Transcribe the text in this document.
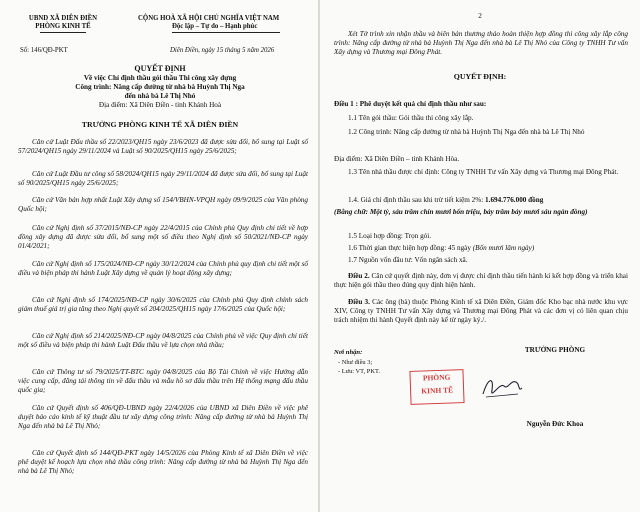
UBND XÃ DIÊN ĐIỀN
PHÒNG KINH TẾ
Số: 146/QĐ-PKT
CỘNG HOÀ XÃ HỘI CHỦ NGHĨA VIỆT NAM
Độc lập – Tự do – Hạnh phúc
Diên Điền, ngày 15 tháng 5 năm 2026
QUYẾT ĐỊNH
Về việc Chỉ định thầu gói thầu Thi công xây dựng
Công trình: Nâng cấp đường từ nhà bà Huỳnh Thị Nga
đến nhà bà Lê Thị Nhỏ
Địa điểm: Xã Diên Điền - tỉnh Khánh Hoà
TRƯỞNG PHÒNG KINH TẾ XÃ DIÊN ĐIỀN
Căn cứ Luật Đấu thầu số 22/2023/QH15 ngày 23/6/2023 đã được sửa đổi, bổ sung tại Luật số 57/2024/QH15 ngày 29/11/2024 và Luật số 90/2025/QH15 ngày 25/6/2025;
Căn cứ Luật Đầu tư công số 58/2024/QH15 ngày 29/11/2024 đã được sửa đổi, bổ sung tại Luật số 90/2025/QH15 ngày 25/6/2025;
Căn cứ Văn bản hợp nhất Luật Xây dựng số 154/VBHN-VPQH ngày 09/9/2025 của Văn phòng Quốc hội;
Căn cứ Nghị định số 37/2015/NĐ-CP ngày 22/4/2015 của Chính phủ Quy định chi tiết về hợp đồng xây dựng đã được sửa đổi, bổ sung một số điều theo Nghị định số 50/2021/NĐ-CP ngày 01/4/2021;
Căn cứ Nghị định số 175/2024/NĐ-CP ngày 30/12/2024 của Chính phủ quy định chi tiết một số điều và biện pháp thi hành Luật Xây dựng về quản lý hoạt động xây dựng;
Căn cứ Nghị định số 174/2025/NĐ-CP ngày 30/6/2025 của Chính phủ Quy định chính sách giảm thuế giá trị gia tăng theo Nghị quyết số 204/2025/QH15 ngày 17/6/2025 của Quốc hội;
Căn cứ Nghị định số 214/2025/NĐ-CP ngày 04/8/2025 của Chính phủ về việc Quy định chi tiết một số điều và biện pháp thi hành Luật Đấu thầu về lựa chọn nhà thầu;
Căn cứ Thông tư số 79/2025/TT-BTC ngày 04/8/2025 của Bộ Tài Chính về việc Hướng dẫn việc cung cấp, đăng tải thông tin về đấu thầu và mẫu hồ sơ đấu thầu trên Hệ thống mạng đấu thầu quốc gia;
Căn cứ Quyết định số 406/QĐ-UBND ngày 22/4/2026 của UBND xã Diên Điền về việc phê duyệt báo cáo kinh tế kỹ thuật đầu tư xây dựng công trình: Nâng cấp đường từ nhà bà Huỳnh Thị Nga đến nhà bà Lê Thị Nhỏ;
Căn cứ Quyết định số 144/QĐ-PKT ngày 14/5/2026 của Phòng Kinh tế xã Diên Điền về việc phê duyệt kế hoạch lựa chọn nhà thầu công trình: Nâng cấp đường từ nhà bà Huỳnh Thị Nga đến nhà bà Lê Thị Nhỏ;
2
Xét Tờ trình xin nhận thầu và biên bản thương thảo hoàn thiện hợp đồng thi công xây lắp công trình: Nâng cấp đường từ nhà bà Huỳnh Thị Nga đến nhà bà Lê Thị Nhỏ của Công ty TNHH Tư vấn Xây dựng và Thương mại Đông Phát.
QUYẾT ĐỊNH:
Điều 1 : Phê duyệt kết quả chỉ định thầu như sau:
1.1 Tên gói thầu: Gói thầu thi công xây lắp.
1.2 Công trình: Nâng cấp đường từ nhà bà Huỳnh Thị Nga đến nhà bà Lê Thị Nhỏ
Địa điểm: Xã Diên Điền – tỉnh Khánh Hòa.
1.3 Tên nhà thầu được chỉ định: Công ty TNHH Tư vấn Xây dựng và Thương mại Đông Phát.
1.4. Giá chỉ định thầu sau khi trừ tiết kiệm 2%: 1.694.776.000 đồng
(Bằng chữ: Một tỷ, sáu trăm chín mươi bốn triệu, bảy trăm bảy mươi sáu ngàn đồng)
1.5 Loại hợp đồng: Trọn gói.
1.6 Thời gian thực hiện hợp đồng: 45 ngày (Bốn mươi lăm ngày)
1.7 Nguồn vốn đầu tư: Vốn ngân sách xã.
Điều 2. Căn cứ quyết định này, đơn vị được chỉ định thầu tiến hành kí kết hợp đồng và triển khai thực hiện gói thầu theo đúng quy định hiện hành.
Điều 3. Các ông (bà) thuộc Phòng Kinh tế xã Diên Điền, Giám đốc Kho bạc nhà nước khu vực XIV, Công ty TNHH Tư vấn Xây dựng và Thương mại Đông Phát và các đơn vị có liên quan chịu trách nhiệm thi hành Quyết định này kể từ ngày ký./.
Nơi nhận:
- Như điều 3;
- Lưu: VT, PKT.
TRƯỞNG PHÒNG
Nguyễn Đức Khoa
PHÒNG
KINH TẾ
